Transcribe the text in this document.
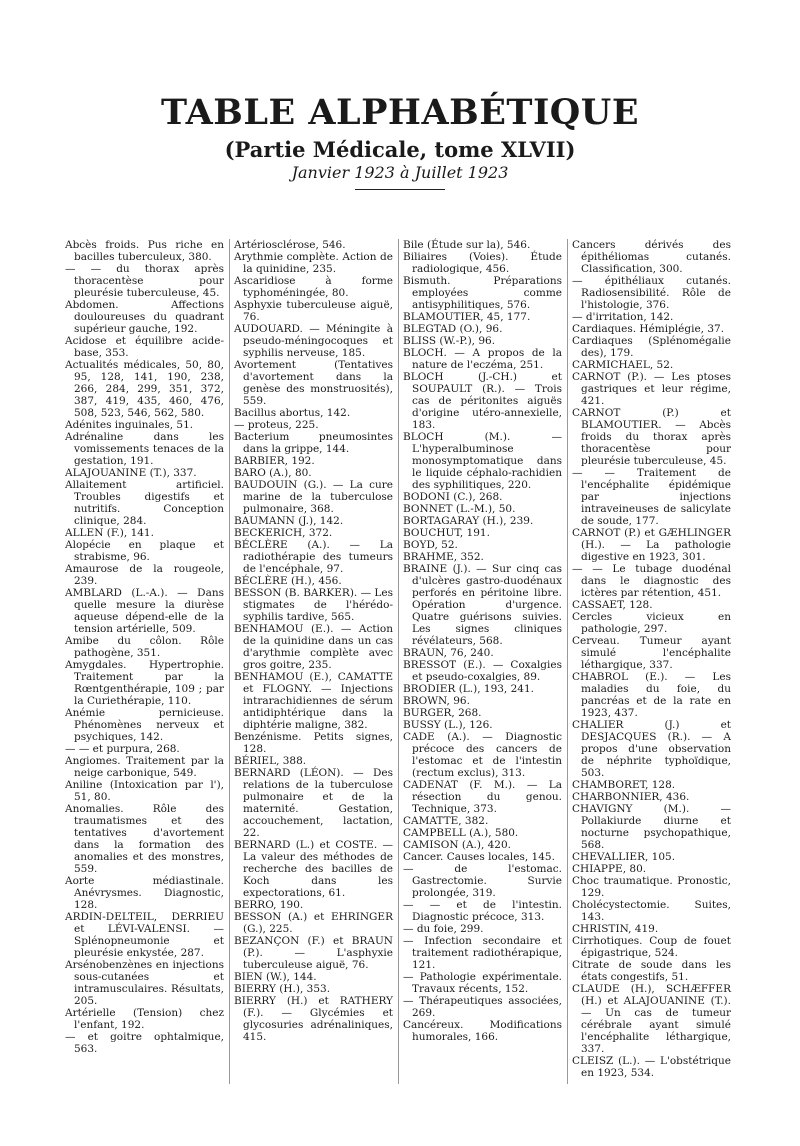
TABLE ALPHABÉTIQUE
(Partie Médicale, tome XLVII)
Janvier 1923 à Juillet 1923
Abcès froids. Pus riche en bacilles tuberculeux, 380.
— — du thorax après thoracentèse pour pleurésie tuberculeuse, 45.
Abdomen. Affections douloureuses du quadrant supérieur gauche, 192.
Acidose et équilibre acide-base, 353.
Actualités médicales, 50, 80, 95, 128, 141, 190, 238, 266, 284, 299, 351, 372, 387, 419, 435, 460, 476, 508, 523, 546, 562, 580.
Adénites inguinales, 51.
Adrénaline dans les vomissements tenaces de la gestation, 191.
ALAJOUANINE (T.), 337.
Allaitement artificiel. Troubles digestifs et nutritifs. Conception clinique, 284.
ALLEN (F.), 141.
Alopécie en plaque et strabisme, 96.
Amaurose de la rougeole, 239.
AMBLARD (L.-A.). — Dans quelle mesure la diurèse aqueuse dépend-elle de la tension artérielle, 509.
Amibe du côlon. Rôle pathogène, 351.
Amygdales. Hypertrophie. Traitement par la Rœntgenthérapie, 109 ; par la Curiethérapie, 110.
Anémie pernicieuse. Phénomènes nerveux et psychiques, 142.
— — et purpura, 268.
Angiomes. Traitement par la neige carbonique, 549.
Aniline (Intoxication par l'), 51, 80.
Anomalies. Rôle des traumatismes et des tentatives d'avortement dans la formation des anomalies et des monstres, 559.
Aorte médiastinale. Anévrysmes. Diagnostic, 128.
ARDIN-DELTEIL, DERRIEU et LÉVI-VALENSI. — Splénopneumonie et pleurésie enkystée, 287.
Arsénobenzènes en injections sous-cutanées et intramusculaires. Résultats, 205.
Artérielle (Tension) chez l'enfant, 192.
— et goitre ophtalmique, 563.
Artériosclérose, 546.
Arythmie complète. Action de la quinidine, 235.
Ascaridiose à forme typhoméningée, 80.
Asphyxie tuberculeuse aiguë, 76.
AUDOUARD. — Méningite à pseudo-méningocoques et syphilis nerveuse, 185.
Avortement (Tentatives d'avortement dans la genèse des monstruosités), 559.
Bacillus abortus, 142.
— proteus, 225.
Bacterium pneumosintes dans la grippe, 144.
BARBIER, 192.
BARO (A.), 80.
BAUDOUIN (G.). — La cure marine de la tuberculose pulmonaire, 368.
BAUMANN (J.), 142.
BECKERICH, 372.
BÉCLÈRE (A.). — La radiothérapie des tumeurs de l'encéphale, 97.
BÉCLÈRE (H.), 456.
BESSON (B. BARKER). — Les stigmates de l'hérédo-syphilis tardive, 565.
BENHAMOU (E.). — Action de la quinidine dans un cas d'arythmie complète avec gros goitre, 235.
BENHAMOU (E.), CAMATTE et FLOGNY. — Injections intrarachidiennes de sérum antidiphtérique dans la diphtérie maligne, 382.
Benzénisme. Petits signes, 128.
BÉRIEL, 388.
BERNARD (LÉON). — Des relations de la tuberculose pulmonaire et de la maternité. Gestation, accouchement, lactation, 22.
BERNARD (L.) et COSTE. — La valeur des méthodes de recherche des bacilles de Koch dans les expectorations, 61.
BERRO, 190.
BESSON (A.) et EHRINGER (G.), 225.
BEZANÇON (F.) et BRAUN (P.). — L'asphyxie tuberculeuse aiguë, 76.
BIEN (W.), 144.
BIERRY (H.), 353.
BIERRY (H.) et RATHERY (F.). — Glycémies et glycosuries adrénaliniques, 415.
Bile (Étude sur la), 546.
Biliaires (Voies). Étude radiologique, 456.
Bismuth. Préparations employées comme antisyphilitiques, 576.
BLAMOUTIER, 45, 177.
BLEGTAD (O.), 96.
BLISS (W.-P.), 96.
BLOCH. — A propos de la nature de l'eczéma, 251.
BLOCH (J.-CH.) et SOUPAULT (R.). — Trois cas de péritonites aiguës d'origine utéro-annexielle, 183.
BLOCH (M.). — L'hyperalbuminose monosymptomatique dans le liquide céphalo-rachidien des syphilitiques, 220.
BODONI (C.), 268.
BONNET (L.-M.), 50.
BORTAGARAY (H.), 239.
BOUCHUT, 191.
BOYD, 52.
BRAHME, 352.
BRAINE (J.). — Sur cinq cas d'ulcères gastro-duodénaux perforés en péritoine libre. Opération d'urgence. Quatre guérisons suivies. Les signes cliniques révélateurs, 568.
BRAUN, 76, 240.
BRESSOT (E.). — Coxalgies et pseudo-coxalgies, 89.
BRODIER (L.), 193, 241.
BROWN, 96.
BURGER, 268.
BUSSY (L.), 126.
CADE (A.). — Diagnostic précoce des cancers de l'estomac et de l'intestin (rectum exclus), 313.
CADENAT (F. M.). — La résection du genou. Technique, 373.
CAMATTE, 382.
CAMPBELL (A.), 580.
CAMISON (A.), 420.
Cancer. Causes locales, 145.
— de l'estomac. Gastrectomie. Survie prolongée, 319.
— — et de l'intestin. Diagnostic précoce, 313.
— du foie, 299.
— Infection secondaire et traitement radiothérapique, 121.
— Pathologie expérimentale. Travaux récents, 152.
— Thérapeutiques associées, 269.
Cancéreux. Modifications humorales, 166.
Cancers dérivés des épithéliomas cutanés. Classification, 300.
— épithéliaux cutanés. Radiosensibilité. Rôle de l'histologie, 376.
— d'irritation, 142.
Cardiaques. Hémiplégie, 37.
Cardiaques (Splénomégalie des), 179.
CARMICHAEL, 52.
CARNOT (P.). — Les ptoses gastriques et leur régime, 421.
CARNOT (P.) et BLAMOUTIER. — Abcès froids du thorax après thoracentèse pour pleurésie tuberculeuse, 45.
— — Traitement de l'encéphalite épidémique par injections intraveineuses de salicylate de soude, 177.
CARNOT (P.) et GÆHLINGER (H.). — La pathologie digestive en 1923, 301.
— — Le tubage duodénal dans le diagnostic des ictères par rétention, 451.
CASSAET, 128.
Cercles vicieux en pathologie, 297.
Cerveau. Tumeur ayant simulé l'encéphalite léthargique, 337.
CHABROL (E.). — Les maladies du foie, du pancréas et de la rate en 1923, 437.
CHALIER (J.) et DESJACQUES (R.). — A propos d'une observation de néphrite typhoïdique, 503.
CHAMBORET, 128.
CHARBONNIER, 436.
CHAVIGNY (M.). — Pollakiurde diurne et nocturne psychopathique, 568.
CHEVALLIER, 105.
CHIAPPE, 80.
Choc traumatique. Pronostic, 129.
Cholécystectomie. Suites, 143.
CHRISTIN, 419.
Cirrhotiques. Coup de fouet épigastrique, 524.
Citrate de soude dans les états congestifs, 51.
CLAUDE (H.), SCHÆFFER (H.) et ALAJOUANINE (T.). — Un cas de tumeur cérébrale ayant simulé l'encéphalite léthargique, 337.
CLEISZ (L.). — L'obstétrique en 1923, 534.
